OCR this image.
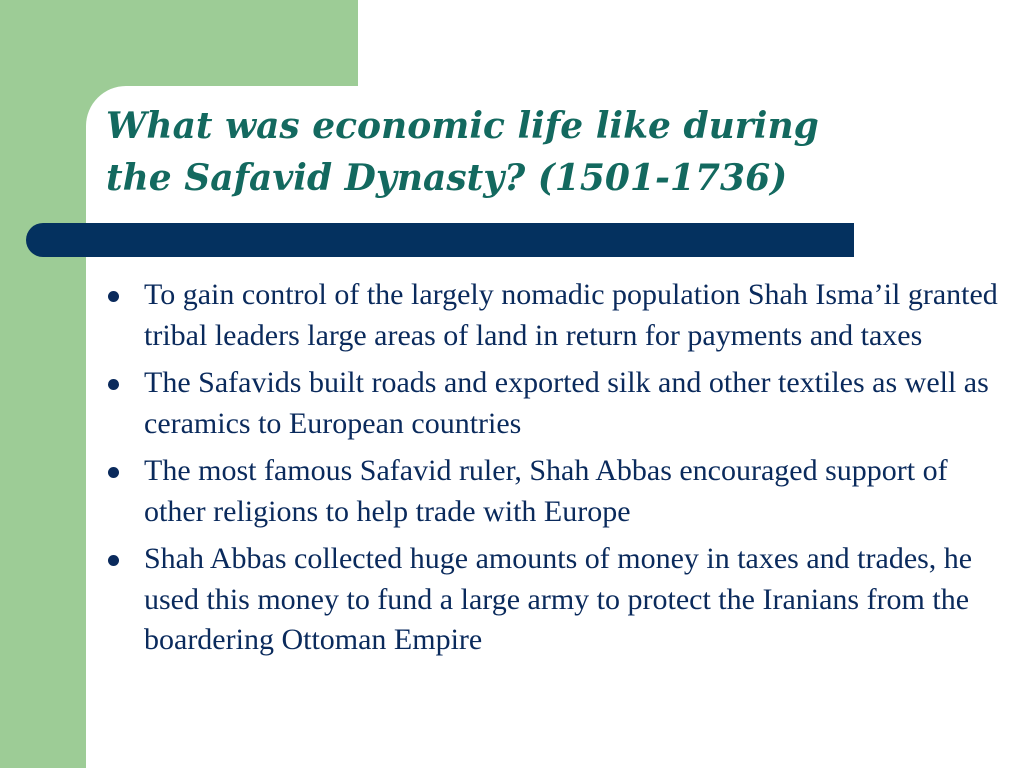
What was economic life like during
the Safavid Dynasty? (1501-1736)
To gain control of the largely nomadic population Shah Isma’il granted tribal leaders large areas of land in return for payments and taxes
The Safavids built roads and exported silk and other textiles as well as ceramics to European countries
The most famous Safavid ruler, Shah Abbas encouraged support of other religions to help trade with Europe
Shah Abbas collected huge amounts of money in taxes and trades, he used this money to fund a large army to protect the Iranians from the boardering Ottoman Empire
